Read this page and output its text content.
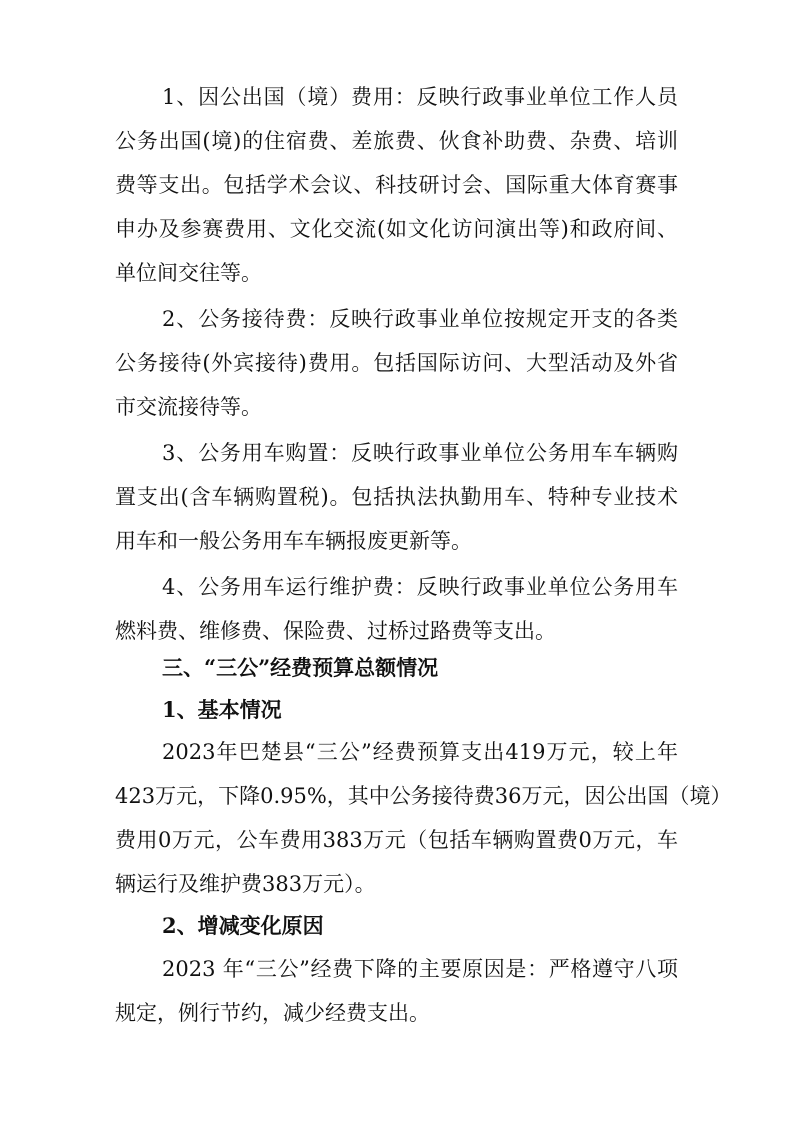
1、因公出国（境）费用：反映行政事业单位工作人员
公务出国(境)的住宿费、差旅费、伙食补助费、杂费、培训
费等支出。包括学术会议、科技研讨会、国际重大体育赛事
申办及参赛费用、文化交流(如文化访问演出等)和政府间、
单位间交往等。
2、公务接待费：反映行政事业单位按规定开支的各类
公务接待(外宾接待)费用。包括国际访问、大型活动及外省
市交流接待等。
3、公务用车购置：反映行政事业单位公务用车车辆购
置支出(含车辆购置税)。包括执法执勤用车、特种专业技术
用车和一般公务用车车辆报废更新等。
4、公务用车运行维护费：反映行政事业单位公务用车
燃料费、维修费、保险费、过桥过路费等支出。
三、“三公”经费预算总额情况
1、基本情况
2023年巴楚县“三公”经费预算支出419万元，较上年
423万元，下降0.95%，其中公务接待费36万元，因公出国（境）
费用0万元，公车费用383万元（包括车辆购置费0万元，车
辆运行及维护费383万元）。
2、增减变化原因
2023 年“三公”经费下降的主要原因是：严格遵守八项
规定，例行节约，减少经费支出。
